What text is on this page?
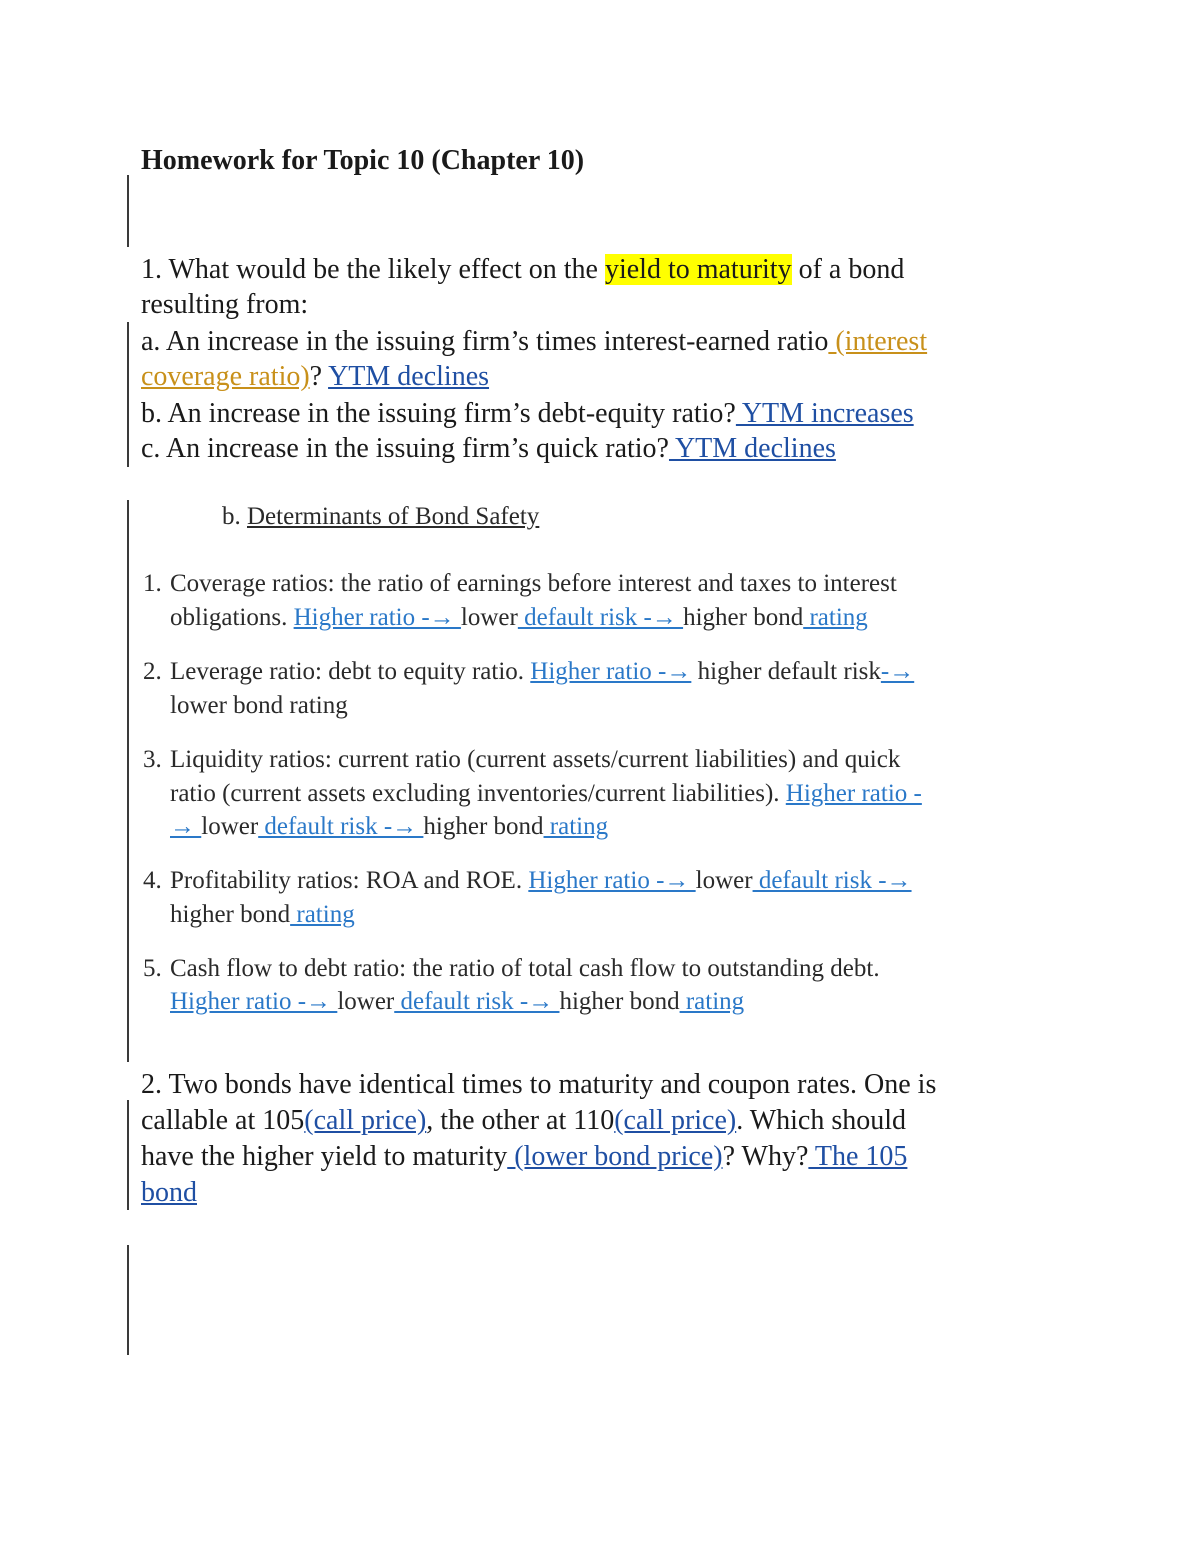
Homework for Topic 10 (Chapter 10)
1. What would be the likely effect on the yield to maturity of a bond
resulting from:
a. An increase in the issuing firm’s times interest-earned ratio (interest
coverage ratio)? YTM declines
b. An increase in the issuing firm’s debt-equity ratio? YTM increases
c. An increase in the issuing firm’s quick ratio? YTM declines
b. Determinants of Bond Safety
1. Coverage ratios: the ratio of earnings before interest and taxes to interest
obligations. Higher ratio -→ lower default risk -→ higher bond rating
2. Leverage ratio: debt to equity ratio. Higher ratio -→ higher default risk-→
lower bond rating
3. Liquidity ratios: current ratio (current assets/current liabilities) and quick
ratio (current assets excluding inventories/current liabilities). Higher ratio -
→ lower default risk -→ higher bond rating
4. Profitability ratios: ROA and ROE. Higher ratio -→ lower default risk -→
higher bond rating
5. Cash flow to debt ratio: the ratio of total cash flow to outstanding debt.
Higher ratio -→ lower default risk -→ higher bond rating
2. Two bonds have identical times to maturity and coupon rates. One is
callable at 105(call price), the other at 110(call price). Which should
have the higher yield to maturity (lower bond price)? Why? The 105
bond
